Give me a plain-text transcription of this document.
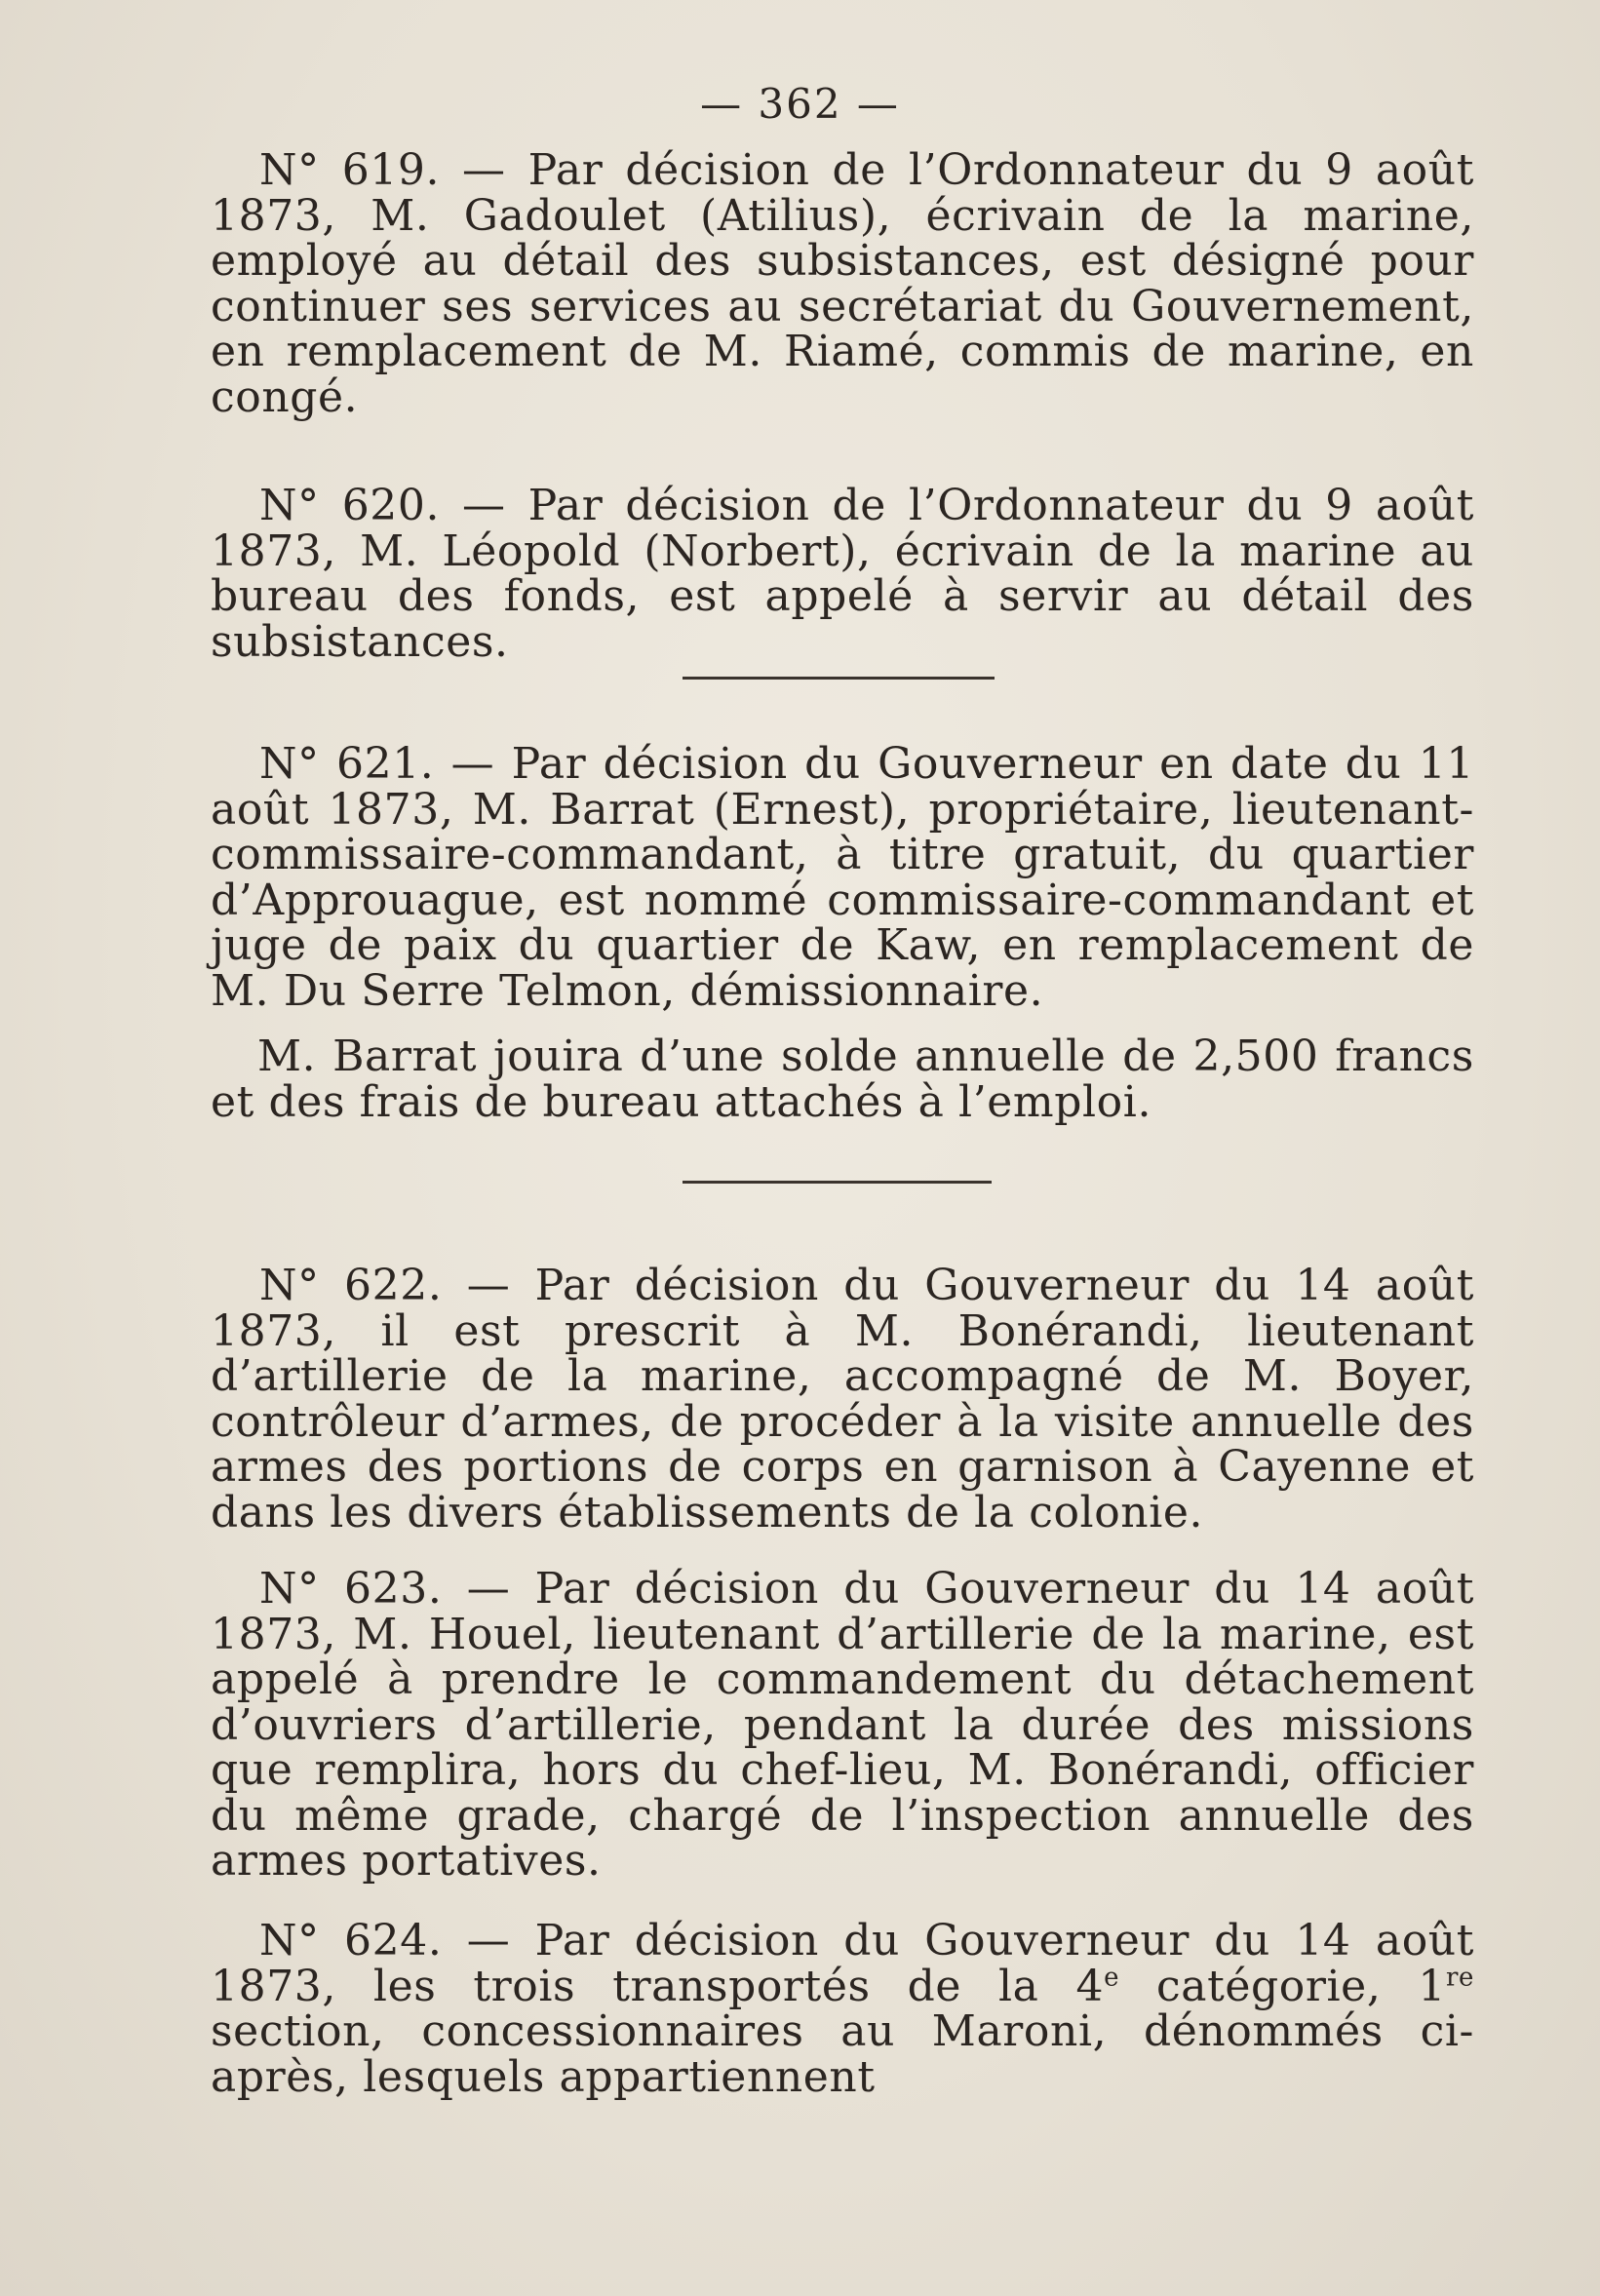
— 362 —

N° 619. — Par décision de l’Ordonnateur du 9 août 1873, M. Gadoulet (Atilius), écrivain de la marine, employé au détail des subsistances, est désigné pour continuer ses services au secrétariat du Gouvernement, en remplacement de M. Riamé, commis de marine, en congé.

N° 620. — Par décision de l’Ordonnateur du 9 août 1873, M. Léopold (Norbert), écrivain de la marine au bureau des fonds, est appelé à servir au détail des subsistances.

N° 621. — Par décision du Gouverneur en date du 11 août 1873, M. Barrat (Ernest), propriétaire, lieutenant-commissaire-commandant, à titre gratuit, du quartier d’Approuague, est nommé commissaire-commandant et juge de paix du quartier de Kaw, en remplacement de M. Du Serre Telmon, démissionnaire.

M. Barrat jouira d’une solde annuelle de 2,500 francs et des frais de bureau attachés à l’emploi.

N° 622. — Par décision du Gouverneur du 14 août 1873, il est prescrit à M. Bonérandi, lieutenant d’artillerie de la marine, accompagné de M. Boyer, contrôleur d’armes, de procéder à la visite annuelle des armes des portions de corps en garnison à Cayenne et dans les divers établissements de la colonie.

N° 623. — Par décision du Gouverneur du 14 août 1873, M. Houel, lieutenant d’artillerie de la marine, est appelé à prendre le commandement du détachement d’ouvriers d’artillerie, pendant la durée des missions que remplira, hors du chef-lieu, M. Bonérandi, officier du même grade, chargé de l’inspection annuelle des armes portatives.

N° 624. — Par décision du Gouverneur du 14 août 1873, les trois transportés de la 4e catégorie, 1re section, concessionnaires au Maroni, dénommés ci-après, lesquels appartiennent
